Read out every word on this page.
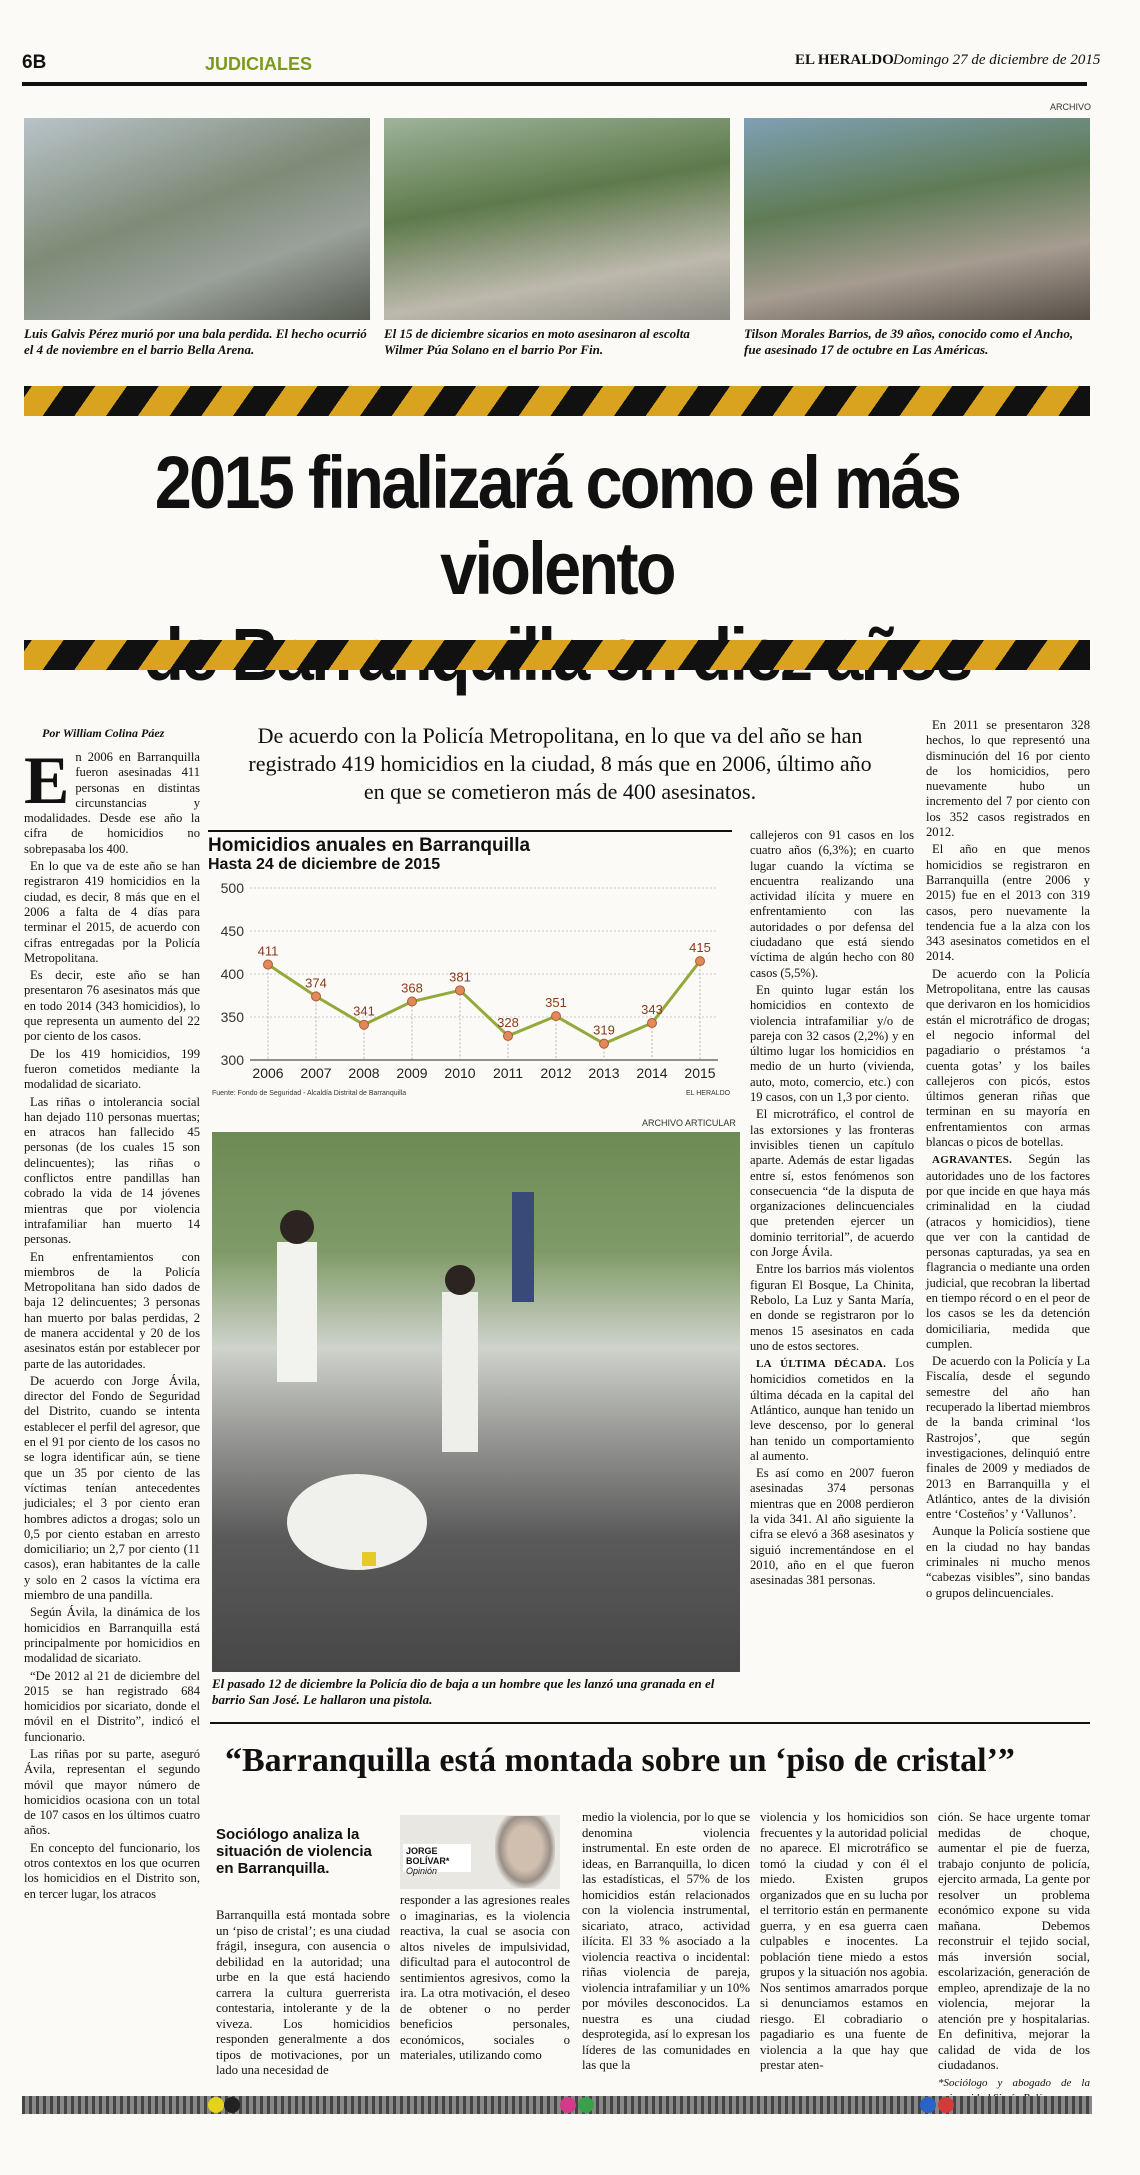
6B	JUDICIALES	EL HERALDO Domingo 27 de diciembre de 2015
ARCHIVO
Luis Galvis Pérez murió por una bala perdida. El hecho ocurrió el 4 de noviembre en el barrio Bella Arena.
El 15 de diciembre sicarios en moto asesinaron al escolta Wilmer Púa Solano en el barrio Por Fin.
Tilson Morales Barrios, de 39 años, conocido como el Ancho, fue asesinado 17 de octubre en Las Américas.
2015 finalizará como el más violento
Por William Colina Páez	De acuerdo con la Policía Metropolitana, en lo que va del año se han registrado 419 homicidios en la ciudad, 8 más que en 2006, último año en que se cometieron más de 400 asesinatos.
E n 2006 en Barranquilla fueron asesinadas 411 personas en distintas circunstancias y modalidades. Desde ese año la cifra de homicidios no sobrepasaba los 400.

En lo que va de este año se han registraron 419 homicidios en la ciudad, es decir, 8 más que en el 2006 a falta de 4 días para terminar el 2015, de acuerdo con cifras entregadas por la Policía Metropolitana.

Es decir, este año se han presentaron 76 asesinatos más que en todo 2014 (343 homicidios), lo que representa un aumento del 22 por ciento de los casos.

De los 419 homicidios, 199 fueron cometidos mediante la modalidad de sicariato.

Las riñas o intolerancia social han dejado 110 personas muertas; en atracos han fallecido 45 personas (de los cuales 15 son delincuentes); las riñas o conflictos entre pandillas han cobrado la vida de 14 jóvenes mientras que por violencia intrafamiliar han muerto 14 personas.

En enfrentamientos con miembros de la Policía Metropolitana han sido dados de baja 12 delincuentes; 3 personas han muerto por balas perdidas, 2 de manera accidental y 20 de los asesinatos están por establecer por parte de las autoridades.

De acuerdo con Jorge Ávila, director del Fondo de Seguridad del Distrito, cuando se intenta establecer el perfil del agresor, que en el 91 por ciento de los casos no se logra identificar aún, se tiene que un 35 por ciento de las víctimas tenían antecedentes judiciales; el 3 por ciento eran hombres adictos a drogas; solo un 0,5 por ciento estaban en arresto domiciliario; un 2,7 por ciento (11 casos), eran habitantes de la calle y solo en 2 casos la víctima era miembro de una pandilla.

Según Ávila, la dinámica de los homicidios en Barranquilla está principalmente por homicidios en modalidad de sicariato.

“De 2012 al 21 de diciembre del 2015 se han registrado 684 homicidios por sicariato, donde el móvil en el Distrito”, indicó el funcionario.

Las riñas por su parte, aseguró Ávila, representan el segundo móvil que mayor número de homicidios ocasiona con un total de 107 casos en los últimos cuatro años.

En concepto del funcionario, los otros contextos en los que ocurren los homicidios en el Distrito son, en tercer lugar, los atracos

Homicidios anuales en Barranquilla
Hasta 24 de diciembre de 2015
300
350
400
450
500
411
2006
374
2007
341
2008
368
2009
381
2010
328
2011
351
2012
319
2013
343
2014
415
2015
Fuente: Fondo de Seguridad - Alcaldía Distrital de Barranquilla	EL HERALDO
ARCHIVO ARTICULAR
El pasado 12 de diciembre la Policía dio de baja a un hombre que les lanzó una granada en el barrio San José. Le hallaron una pistola.

callejeros con 91 casos en los cuatro años (6,3%); en cuarto lugar cuando la víctima se encuentra realizando una actividad ilícita y muere en enfrentamiento con las autoridades o por defensa del ciudadano que está siendo víctima de algún hecho con 80 casos (5,5%).

En quinto lugar están los homicidios en contexto de violencia intrafamiliar y/o de pareja con 32 casos (2,2%) y en último lugar los homicidios en medio de un hurto (vivienda, auto, moto, comercio, etc.) con 19 casos, con un 1,3 por ciento.

El microtráfico, el control de las extorsiones y las fronteras invisibles tienen un capítulo aparte. Además de estar ligadas entre sí, estos fenómenos son consecuencia “de la disputa de organizaciones delincuenciales que pretenden ejercer un dominio territorial”, de acuerdo con Jorge Ávila.

Entre los barrios más violentos figuran El Bosque, La Chinita, Rebolo, La Luz y Santa María, en donde se registraron por lo menos 15 asesinatos en cada uno de estos sectores.

LA ÚLTIMA DÉCADA. Los homicidios cometidos en la última década en la capital del Atlántico, aunque han tenido un leve descenso, por lo general han tenido un comportamiento al aumento.

Es así como en 2007 fueron asesinadas 374 personas mientras que en 2008 perdieron la vida 341. Al año siguiente la cifra se elevó a 368 asesinatos y siguió incrementándose en el 2010, año en el que fueron asesinadas 381 personas.

En 2011 se presentaron 328 hechos, lo que representó una disminución del 16 por ciento de los homicidios, pero nuevamente hubo un incremento del 7 por ciento con los 352 casos registrados en 2012.

El año en que menos homicidios se registraron en Barranquilla (entre 2006 y 2015) fue en el 2013 con 319 casos, pero nuevamente la tendencia fue a la alza con los 343 asesinatos cometidos en el 2014.

De acuerdo con la Policía Metropolitana, entre las causas que derivaron en los homicidios están el microtráfico de drogas; el negocio informal del pagadiario o préstamos ‘a cuenta gotas’ y los bailes callejeros con picós, estos últimos generan riñas que terminan en su mayoría en enfrentamientos con armas blancas o picos de botellas.

AGRAVANTES. Según las autoridades uno de los factores por que incide en que haya más criminalidad en la ciudad (atracos y homicidios), tiene que ver con la cantidad de personas capturadas, ya sea en flagrancia o mediante una orden judicial, que recobran la libertad en tiempo récord o en el peor de los casos se les da detención domiciliaria, medida que cumplen.

De acuerdo con la Policía y La Fiscalía, desde el segundo semestre del año han recuperado la libertad miembros de la banda criminal ‘los Rastrojos’, que según investigaciones, delinquió entre finales de 2009 y mediados de 2013 en Barranquilla y el Atlántico, antes de la división entre ‘Costeños’ y ‘Vallunos’.

Aunque la Policía sostiene que en la ciudad no hay bandas criminales ni mucho menos “cabezas visibles”, sino bandas o grupos delincuenciales.

“Barranquilla está montada sobre un ‘piso de cristal’”
Sociólogo analiza la situación de violencia en Barranquilla.
JORGE BOLÍVAR*
Opinión

Barranquilla está montada sobre un ‘piso de cristal’; es una ciudad frágil, insegura, con ausencia o debilidad en la autoridad; una urbe en la que está haciendo carrera la cultura guerrerista contestaria, intolerante y de la viveza. Los homicidios responden generalmente a dos tipos de motivaciones, por un lado una necesidad de

responder a las agresiones reales o imaginarias, es la violencia reactiva, la cual se asocia con altos niveles de impulsividad, dificultad para el autocontrol de sentimientos agresivos, como la ira. La otra motivación, el deseo de obtener o no perder beneficios personales, económicos, sociales o materiales, utilizando como

medio la violencia, por lo que se denomina violencia instrumental. En este orden de ideas, en Barranquilla, lo dicen las estadísticas, el 57% de los homicidios están relacionados con la violencia instrumental, sicariato, atraco, actividad ilícita. El 33 % asociado a la violencia reactiva o incidental: riñas violencia de pareja, violencia intrafamiliar y un 10% por móviles desconocidos. La nuestra es una ciudad desprotegida, así lo expresan los líderes de las comunidades en las que la

violencia y los homicidios son frecuentes y la autoridad policial no aparece. El microtráfico se tomó la ciudad y con él el miedo. Existen grupos organizados que en su lucha por el territorio están en permanente guerra, y en esa guerra caen culpables e inocentes. La población tiene miedo a estos grupos y la situación nos agobia. Nos sentimos amarrados porque si denunciamos estamos en riesgo. El cobradiario o pagadiario es una fuente de violencia a la que hay que prestar aten-

ción. Se hace urgente tomar medidas de choque, aumentar el pie de fuerza, trabajo conjunto de policía, ejercito armada, La gente por resolver un problema económico expone su vida mañana. Debemos reconstruir el tejido social, más inversión social, escolarización, generación de empleo, aprendizaje de la no violencia, mejorar la atención pre y hospitalarias. En definitiva, mejorar la calidad de vida de los ciudadanos.

*Sociólogo y abogado de la
